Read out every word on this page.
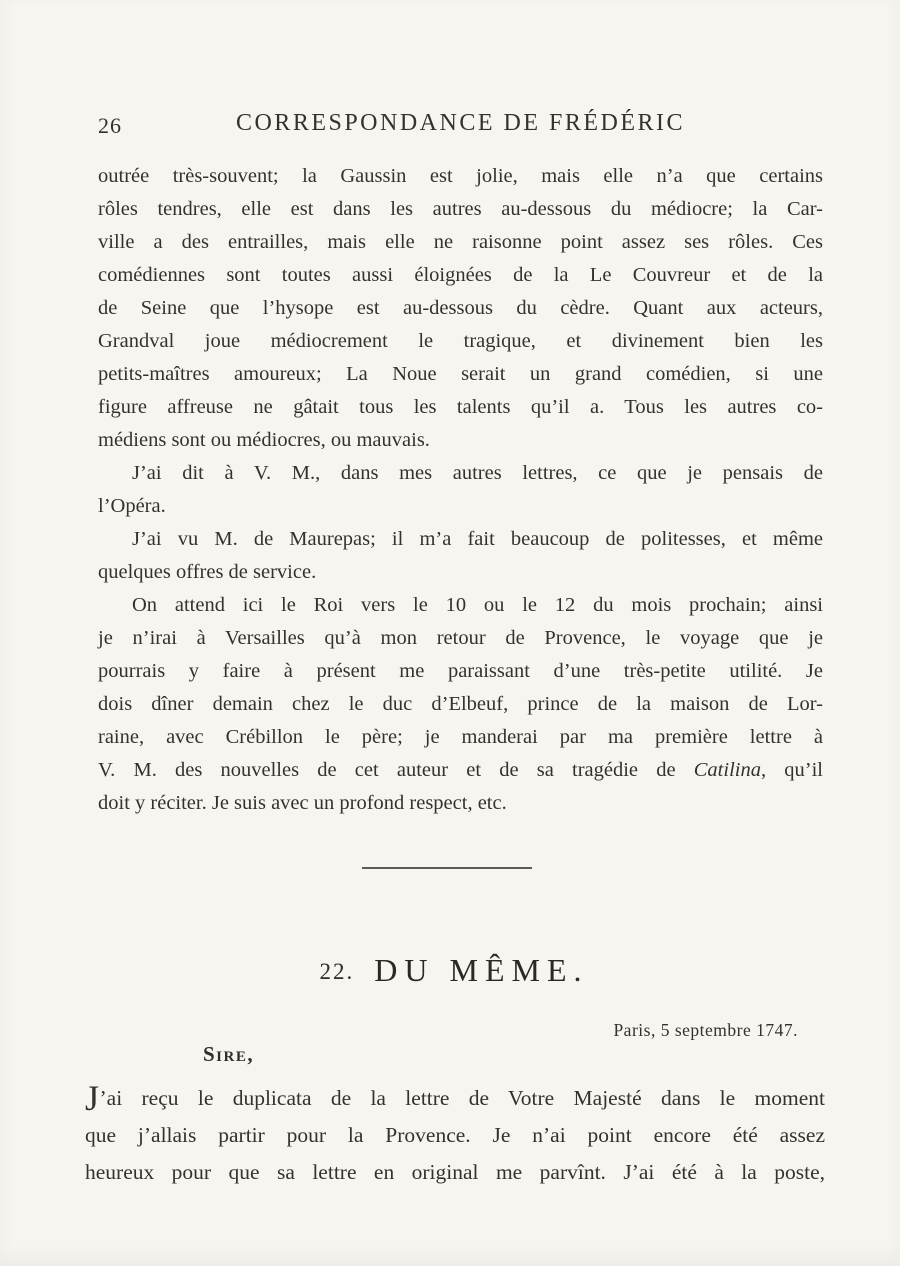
26	CORRESPONDANCE DE FRÉDÉRIC
outrée très-souvent; la Gaussin est jolie, mais elle n’a que certains
rôles tendres, elle est dans les autres au-dessous du médiocre; la Car-
ville a des entrailles, mais elle ne raisonne point assez ses rôles. Ces
comédiennes sont toutes aussi éloignées de la Le Couvreur et de la
de Seine que l’hysope est au-dessous du cèdre. Quant aux acteurs,
Grandval joue médiocrement le tragique, et divinement bien les
petits-maîtres amoureux; La Noue serait un grand comédien, si une
figure affreuse ne gâtait tous les talents qu’il a. Tous les autres co-
médiens sont ou médiocres, ou mauvais.
J’ai dit à V. M., dans mes autres lettres, ce que je pensais de
l’Opéra.
J’ai vu M. de Maurepas; il m’a fait beaucoup de politesses, et même
quelques offres de service.
On attend ici le Roi vers le 10 ou le 12 du mois prochain; ainsi
je n’irai à Versailles qu’à mon retour de Provence, le voyage que je
pourrais y faire à présent me paraissant d’une très-petite utilité. Je
dois dîner demain chez le duc d’Elbeuf, prince de la maison de Lor-
raine, avec Crébillon le père; je manderai par ma première lettre à
V. M. des nouvelles de cet auteur et de sa tragédie de Catilina, qu’il
doit y réciter. Je suis avec un profond respect, etc.
22. DU MÊME.
Paris, 5 septembre 1747.
Sire,
J’ai reçu le duplicata de la lettre de Votre Majesté dans le moment
que j’allais partir pour la Provence. Je n’ai point encore été assez
heureux pour que sa lettre en original me parvînt. J’ai été à la poste,
